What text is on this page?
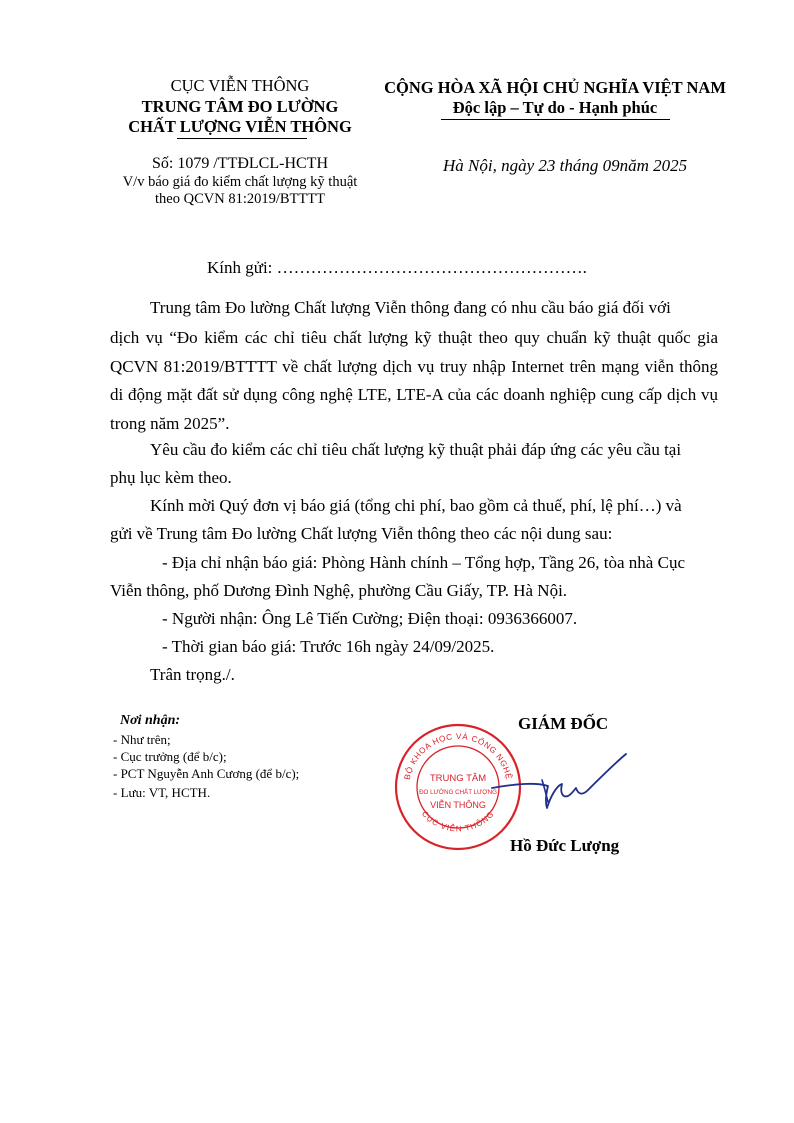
CỤC VIỄN THÔNG
TRUNG TÂM ĐO LƯỜNG
CHẤT LƯỢNG VIỄN THÔNG
CỘNG HÒA XÃ HỘI CHỦ NGHĨA VIỆT NAM
Độc lập – Tự do - Hạnh phúc
Số: 1079 /TTĐLCL-HCTH
V/v báo giá đo kiểm chất lượng kỹ thuật
theo QCVN 81:2019/BTTTT
Hà Nội, ngày 23 tháng 09năm 2025
Kính gửi: ……………………………………………….
Trung tâm Đo lường Chất lượng Viễn thông đang có nhu cầu báo giá đối với
dịch vụ “Đo kiểm các chỉ tiêu chất lượng kỹ thuật theo quy chuẩn kỹ thuật quốc gia QCVN 81:2019/BTTTT về chất lượng dịch vụ truy nhập Internet trên mạng viễn thông di động mặt đất sử dụng công nghệ LTE, LTE-A của các doanh nghiệp cung cấp dịch vụ trong năm 2025”.
Yêu cầu đo kiểm các chỉ tiêu chất lượng kỹ thuật phải đáp ứng các yêu cầu tại
phụ lục kèm theo.
Kính mời Quý đơn vị báo giá (tổng chi phí, bao gồm cả thuế, phí, lệ phí…) và
gửi về Trung tâm Đo lường Chất lượng Viễn thông theo các nội dung sau:
- Địa chỉ nhận báo giá: Phòng Hành chính – Tổng hợp, Tầng 26, tòa nhà Cục
Viễn thông, phố Dương Đình Nghệ, phường Cầu Giấy, TP. Hà Nội.
- Người nhận: Ông Lê Tiến Cường; Điện thoại: 0936366007.
- Thời gian báo giá: Trước 16h ngày 24/09/2025.
Trân trọng./.
Nơi nhận:
- Như trên;
- Cục trưởng (để b/c);
- PCT Nguyễn Anh Cương (để b/c);
- Lưu: VT, HCTH.
GIÁM ĐỐC
BỘ KHOA HỌC VÀ CÔNG NGHỆ
CỤC VIỄN THÔNG
TRUNG TÂM
ĐO LƯỜNG CHẤT LƯỢNG
VIỄN THÔNG
Hồ Đức Lượng
